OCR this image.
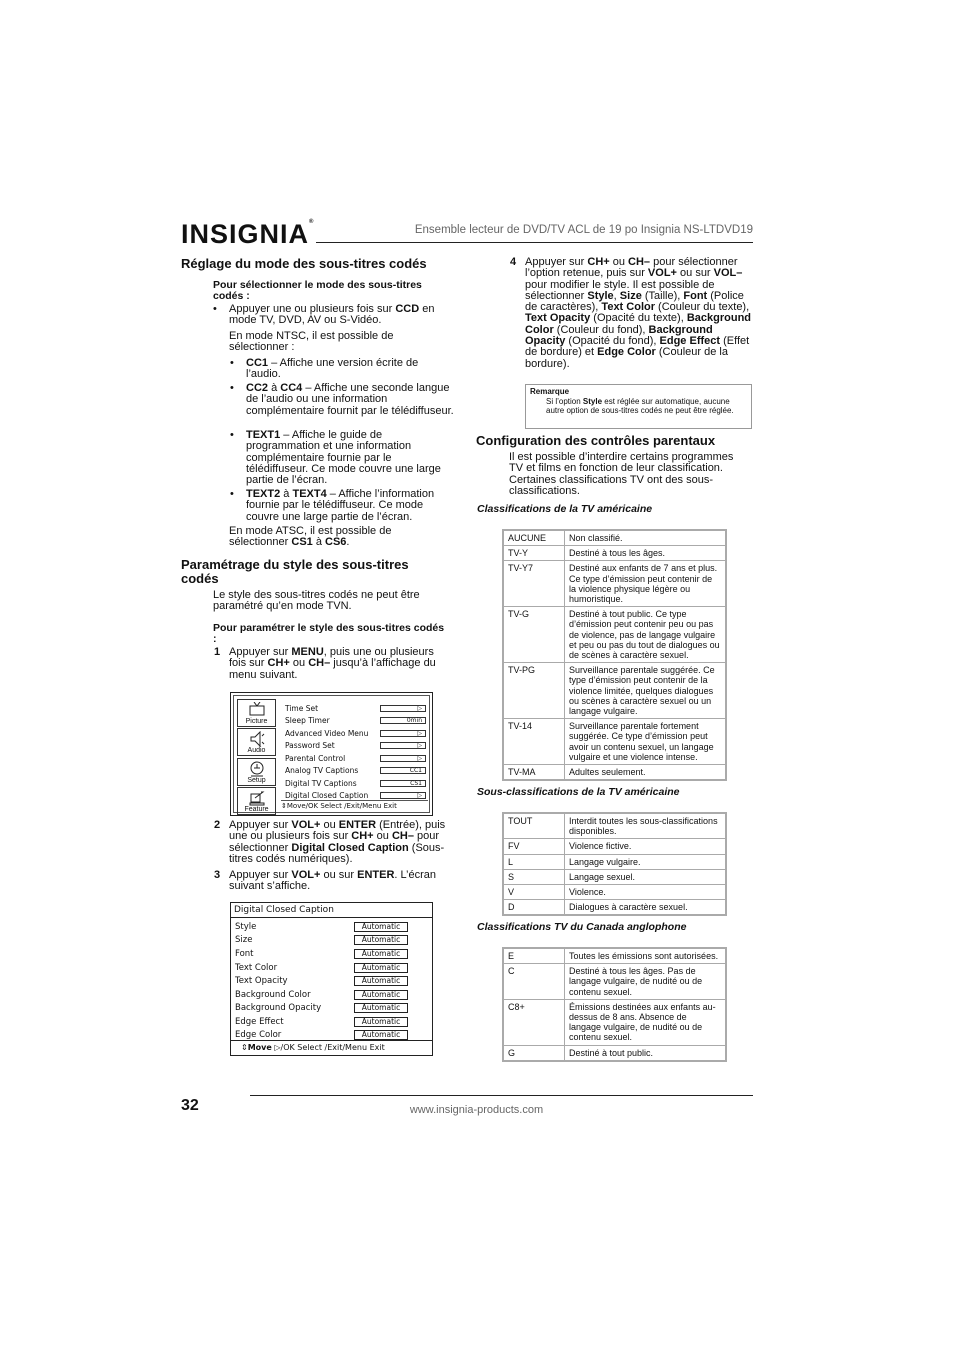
INSIGNIA®
Ensemble lecteur de DVD/TV ACL de 19 po Insignia NS-LTDVD19
Réglage du mode des sous-titres codés
Pour sélectionner le mode des sous-titres codés :
• Appuyer une ou plusieurs fois sur CCD en mode TV, DVD, AV ou S-Vidéo.
En mode NTSC, il est possible de sélectionner :
• CC1 – Affiche une version écrite de l’audio.
• CC2 à CC4 – Affiche une seconde langue de l’audio ou une information complémentaire fournit par le télédiffuseur.
• TEXT1 – Affiche le guide de programmation et une information complémentaire fournie par le télédiffuseur. Ce mode couvre une large partie de l’écran.
• TEXT2 à TEXT4 – Affiche l’information fournie par le télédiffuseur. Ce mode couvre une large partie de l’écran.
En mode ATSC, il est possible de sélectionner CS1 à CS6.
Paramétrage du style des sous-titres codés
Le style des sous-titres codés ne peut être paramétré qu’en mode TVN.
Pour paramétrer le style des sous-titres codés :
1 Appuyer sur MENU, puis une ou plusieurs fois sur CH+ ou CH– jusqu’à l’affichage du menu suivant.
Picture
Audio
Setup
Feature
Time Set	▷
Sleep Timer	0min
Advanced Video Menu	▷
Password Set	▷
Parental Control	▷
Analog TV Captions	CC1
Digital TV Captions	CS1
Digital Closed Caption	▷
⇕Move/OK Select /Exit/Menu Exit
2 Appuyer sur VOL+ ou ENTER (Entrée), puis une ou plusieurs fois sur CH+ ou CH– pour sélectionner Digital Closed Caption (Sous-titres codés numériques).
3 Appuyer sur VOL+ ou sur ENTER. L’écran suivant s’affiche.
Digital Closed Caption
Style	Automatic
Size	Automatic
Font	Automatic
Text Color	Automatic
Text Opacity	Automatic
Background Color	Automatic
Background Opacity	Automatic
Edge Effect	Automatic
Edge Color	Automatic
⇕Move ▷/OK Select /Exit/Menu Exit
4 Appuyer sur CH+ ou CH– pour sélectionner l’option retenue, puis sur VOL+ ou sur VOL– pour modifier le style. Il est possible de sélectionner Style, Size (Taille), Font (Police de caractères), Text Color (Couleur du texte), Text Opacity (Opacité du texte), Background Color (Couleur du fond), Background Opacity (Opacité du fond), Edge Effect (Effet de bordure) et Edge Color (Couleur de la bordure).
Remarque
Si l’option Style est réglée sur automatique, aucune autre option de sous-titres codés ne peut être réglée.
Configuration des contrôles parentaux
Il est possible d’interdire certains programmes TV et films en fonction de leur classification. Certaines classifications TV ont des sous-classifications.
Classifications de la TV américaine
AUCUNE	Non classifié.
TV-Y	Destiné à tous les âges.
TV-Y7	Destiné aux enfants de 7 ans et plus. Ce type d’émission peut contenir de la violence physique légère ou humoristique.
TV-G	Destiné à tout public. Ce type d’émission peut contenir peu ou pas de violence, pas de langage vulgaire et peu ou pas du tout de dialogues ou de scènes à caractère sexuel.
TV-PG	Surveillance parentale suggérée. Ce type d’émission peut contenir de la violence limitée, quelques dialogues ou scènes à caractère sexuel ou un langage vulgaire.
TV-14	Surveillance parentale fortement suggérée. Ce type d’émission peut avoir un contenu sexuel, un langage vulgaire et une violence intense.
TV-MA	Adultes seulement.
Sous-classifications de la TV américaine
TOUT	Interdit toutes les sous-classifications disponibles.
FV	Violence fictive.
L	Langage vulgaire.
S	Langage sexuel.
V	Violence.
D	Dialogues à caractère sexuel.
Classifications TV du Canada anglophone
E	Toutes les émissions sont autorisées.
C	Destiné à tous les âges. Pas de langage vulgaire, de nudité ou de contenu sexuel.
C8+	Émissions destinées aux enfants au-dessus de 8 ans. Absence de langage vulgaire, de nudité ou de contenu sexuel.
G	Destiné à tout public.
32	www.insignia-products.com
